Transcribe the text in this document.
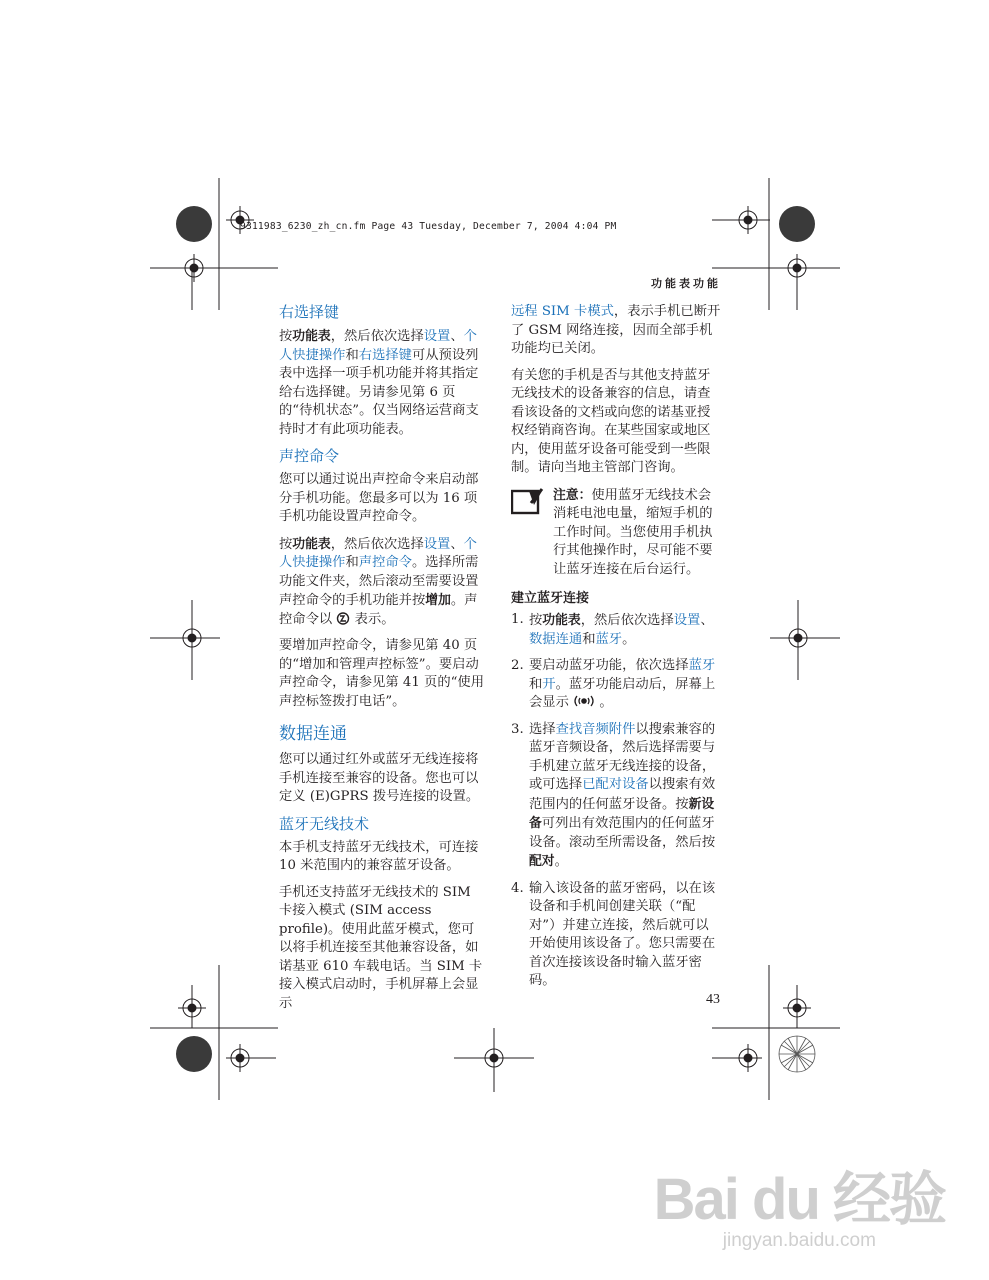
9311983_6230_zh_cn.fm Page 43 Tuesday, December 7, 2004 4:04 PM
功能表功能
43
右选择键

按功能表，然后依次选择设置、个人快捷操作和右选择键可从预设列表中选择一项手机功能并将其指定给右选择键。另请参见第 6 页的“待机状态”。仅当网络运营商支持时才有此项功能表。

声控命令

您可以通过说出声控命令来启动部分手机功能。您最多可以为 16 项手机功能设置声控命令。

按功能表，然后依次选择设置、个人快捷操作和声控命令。选择所需功能文件夹，然后滚动至需要设置声控命令的手机功能并按增加。声控命令以 表示。

要增加声控命令，请参见第 40 页的“增加和管理声控标签”。要启动声控命令，请参见第 41 页的“使用声控标签拨打电话”。

数据连通

您可以通过红外或蓝牙无线连接将手机连接至兼容的设备。您也可以定义 (E)GPRS 拨号连接的设置。

蓝牙无线技术

本手机支持蓝牙无线技术，可连接 10 米范围内的兼容蓝牙设备。

手机还支持蓝牙无线技术的 SIM 卡接入模式 (SIM access profile)。使用此蓝牙模式，您可以将手机连接至其他兼容设备，如诺基亚 610 车载电话。当 SIM 卡接入模式启动时，手机屏幕上会显示

远程 SIM 卡模式，表示手机已断开了 GSM 网络连接，因而全部手机功能均已关闭。

有关您的手机是否与其他支持蓝牙无线技术的设备兼容的信息，请查看该设备的文档或向您的诺基亚授权经销商咨询。在某些国家或地区内，使用蓝牙设备可能受到一些限制。请向当地主管部门咨询。

注意：使用蓝牙无线技术会消耗电池电量，缩短手机的工作时间。当您使用手机执行其他操作时，尽可能不要让蓝牙连接在后台运行。
建立蓝牙连接
1. 按功能表，然后依次选择设置、数据连通和蓝牙。
2. 要启动蓝牙功能，依次选择蓝牙和开。蓝牙功能启动后，屏幕上会显示 。
3. 选择查找音频附件以搜索兼容的蓝牙音频设备，然后选择需要与手机建立蓝牙无线连接的设备，或可选择已配对设备以搜索有效范围内的任何蓝牙设备。按新设备可列出有效范围内的任何蓝牙设备。滚动至所需设备，然后按配对。
4. 输入该设备的蓝牙密码，以在该设备和手机间创建关联（“配对”）并建立连接，然后就可以开始使用该设备了。您只需要在首次连接该设备时输入蓝牙密码。
Bai du 经验
jingyan.baidu.com
